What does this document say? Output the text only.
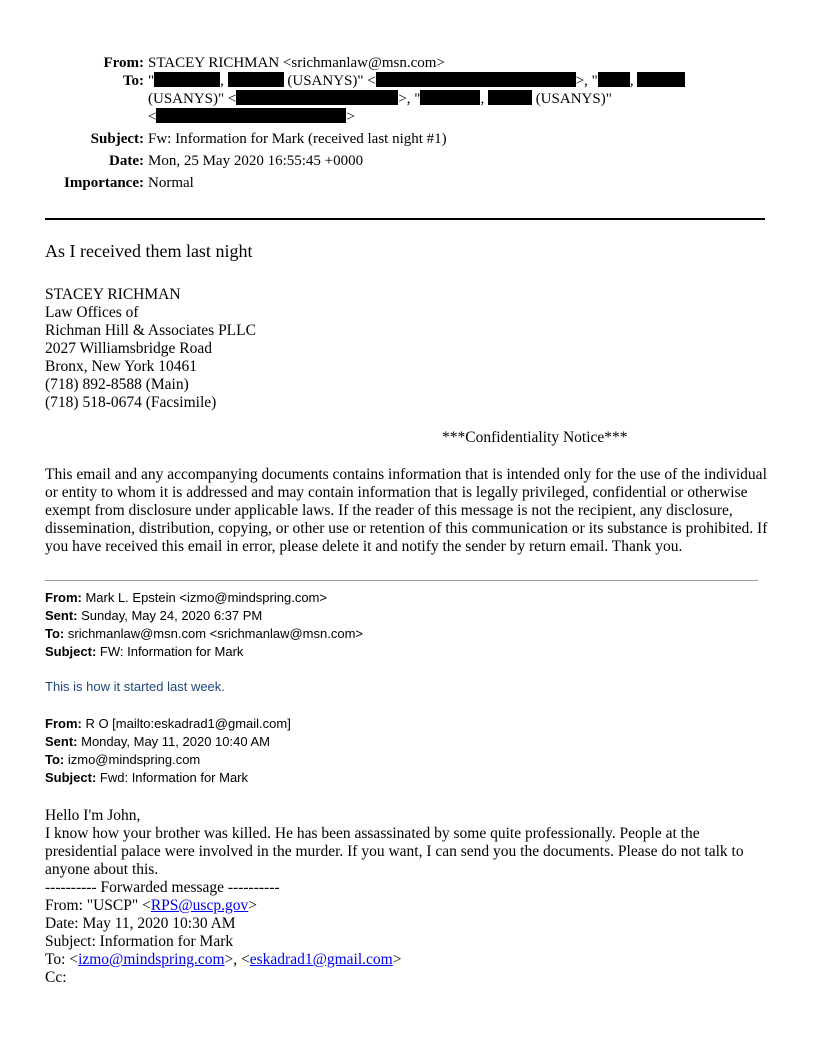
From: STACEY RICHMAN <srichmanlaw@msn.com>
To: "	,	(USANYS)" <	>, " ,
(USANYS)" <	>, "	,	(USANYS)"
<	>
Subject: Fw: Information for Mark (received last night #1)
Date: Mon, 25 May 2020 16:55:45 +0000
Importance: Normal
As I received them last night
STACEY RICHMAN
Law Offices of
Richman Hill & Associates PLLC
2027 Williamsbridge Road
Bronx, New York 10461
(718) 892-8588 (Main)
(718) 518-0674 (Facsimile)
***Confidentiality Notice***
This email and any accompanying documents contains information that is intended only for the use of the individual or entity to whom it is addressed and may contain information that is legally privileged, confidential or otherwise exempt from disclosure under applicable laws. If the reader of this message is not the recipient, any disclosure, dissemination, distribution, copying, or other use or retention of this communication or its substance is prohibited. If you have received this email in error, please delete it and notify the sender by return email. Thank you.
From: Mark L. Epstein <izmo@mindspring.com>
Sent: Sunday, May 24, 2020 6:37 PM
To: srichmanlaw@msn.com <srichmanlaw@msn.com>
Subject: FW: Information for Mark
This is how it started last week.
From: R O [mailto:eskadrad1@gmail.com]
Sent: Monday, May 11, 2020 10:40 AM
To: izmo@mindspring.com
Subject: Fwd: Information for Mark
Hello I'm John,
I know how your brother was killed. He has been assassinated by some quite professionally. People at the presidential palace were involved in the murder. If you want, I can send you the documents. Please do not talk to anyone about this.
---------- Forwarded message ----------
From: "USCP" <RPS@uscp.gov>
Date: May 11, 2020 10:30 AM
Subject: Information for Mark
To: <izmo@mindspring.com>, <eskadrad1@gmail.com>
Cc:
